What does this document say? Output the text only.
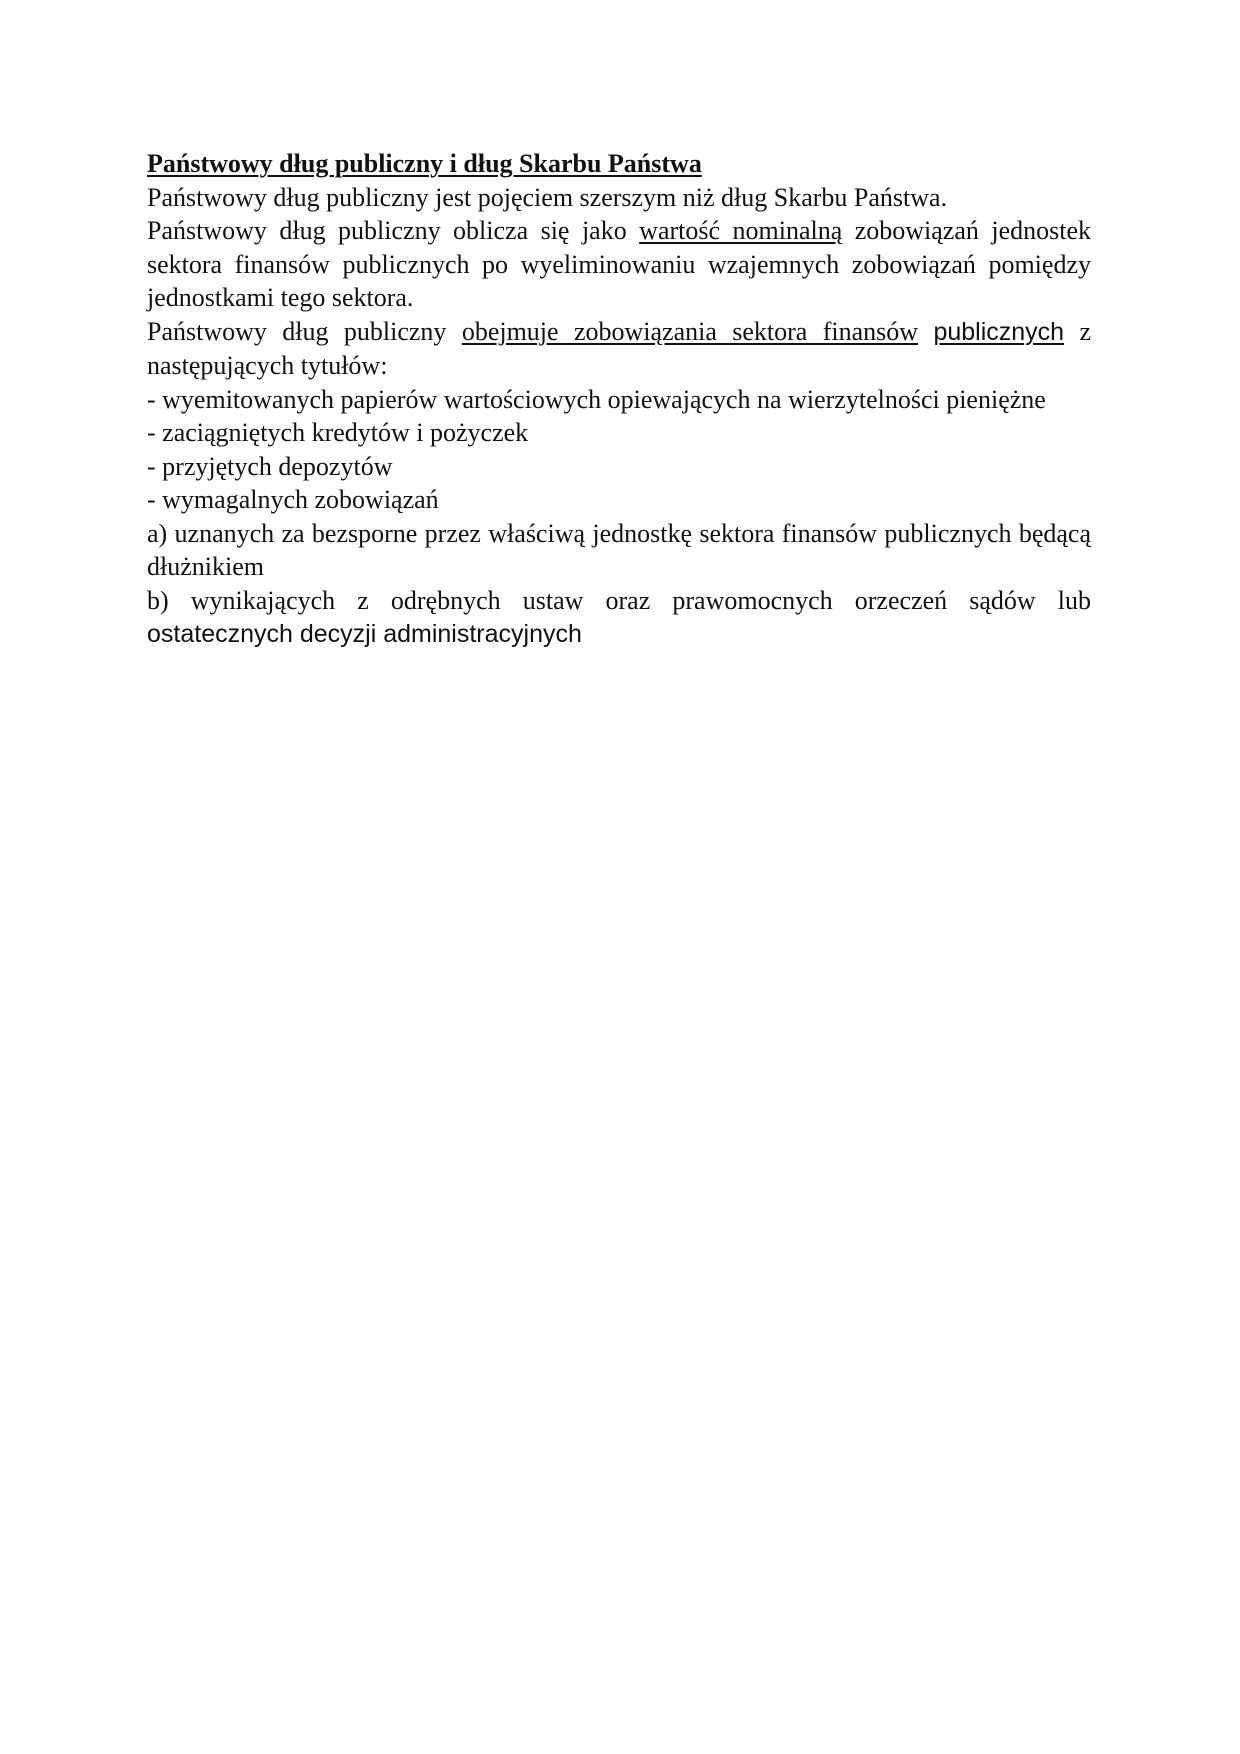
Państwowy dług publiczny i dług Skarbu Państwa
Państwowy dług publiczny jest pojęciem szerszym niż dług Skarbu Państwa.
Państwowy dług publiczny oblicza się jako wartość nominalną zobowiązań jednostek sektora finansów publicznych po wyeliminowaniu wzajemnych zobowiązań pomiędzy jednostkami tego sektora.
Państwowy dług publiczny obejmuje zobowiązania sektora finansów publicznych z następujących tytułów:
- wyemitowanych papierów wartościowych opiewających na wierzytelności pieniężne
- zaciągniętych kredytów i pożyczek
- przyjętych depozytów
- wymagalnych zobowiązań
a) uznanych za bezsporne przez właściwą jednostkę sektora finansów publicznych będącą dłużnikiem
b) wynikających z odrębnych ustaw oraz prawomocnych orzeczeń sądów lub ostatecznych decyzji administracyjnych
